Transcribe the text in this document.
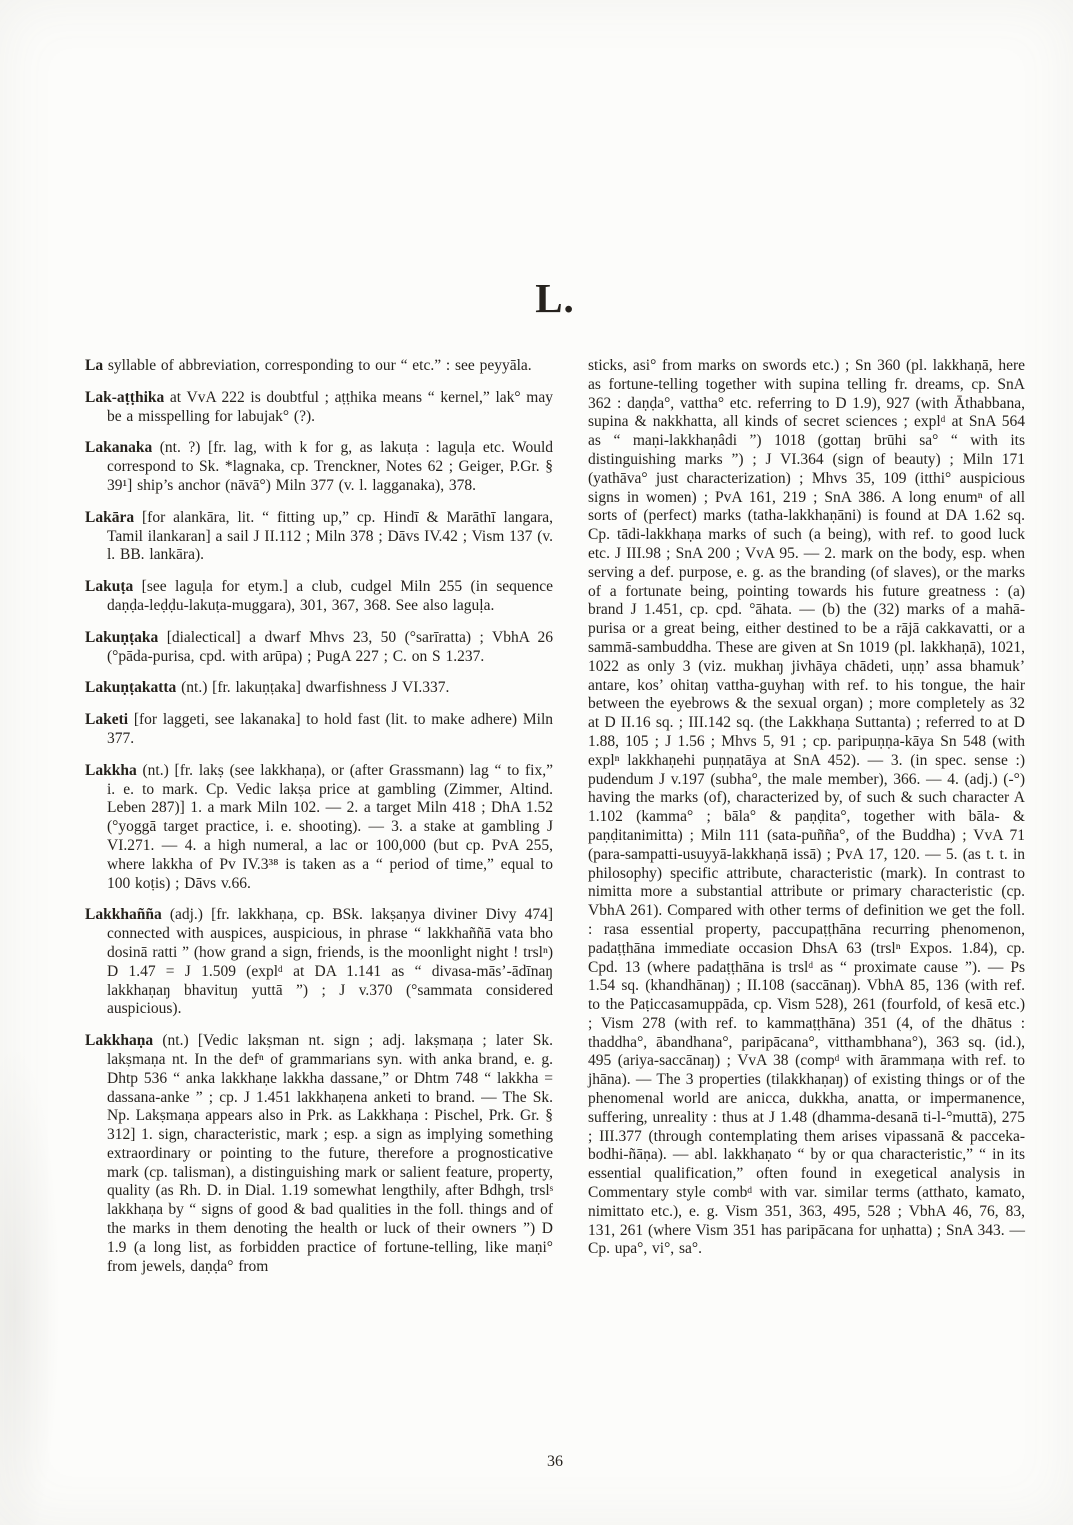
L.

La syllable of abbreviation, corresponding to our “ etc.” : see peyyāla.

Lak-aṭṭhika at VvA 222 is doubtful ; aṭṭhika means “ kernel,” lak° may be a misspelling for labujak° (?).

Lakanaka (nt. ?) [fr. lag, with k for g, as lakuṭa : laguḷa etc. Would correspond to Sk. *lagnaka, cp. Trenckner, Notes 62 ; Geiger, P.Gr. § 39¹] ship’s anchor (nāvā°) Miln 377 (v. l. lagganaka), 378.

Lakāra [for alankāra, lit. “ fitting up,” cp. Hindī & Marāthī langara, Tamil ilankaran] a sail J II.112 ; Miln 378 ; Dāvs IV.42 ; Vism 137 (v. l. BB. lankāra).

Lakuṭa [see laguḷa for etym.] a club, cudgel Miln 255 (in sequence daṇḍa-leḍḍu-lakuṭa-muggara), 301, 367, 368. See also laguḷa.

Lakuṇṭaka [dialectical] a dwarf Mhvs 23, 50 (°sarīratta) ; VbhA 26 (°pāda-purisa, cpd. with arūpa) ; PugA 227 ; C. on S 1.237.

Lakuṇṭakatta (nt.) [fr. lakuṇṭaka] dwarfishness J VI.337.

Laketi [for laggeti, see lakanaka] to hold fast (lit. to make adhere) Miln 377.

Lakkha (nt.) [fr. lakṣ (see lakkhaṇa), or (after Grassmann) lag “ to fix,” i. e. to mark. Cp. Vedic lakṣa price at gambling (Zimmer, Altind. Leben 287)] 1. a mark Miln 102. — 2. a target Miln 418 ; DhA 1.52 (°yoggā target practice, i. e. shooting). — 3. a stake at gambling J VI.271. — 4. a high numeral, a lac or 100,000 (but cp. PvA 255, where lakkha of Pv IV.3³⁸ is taken as a “ period of time,” equal to 100 koṭis) ; Dāvs v.66.

Lakkhañña (adj.) [fr. lakkhaṇa, cp. BSk. lakṣaṇya diviner Divy 474] connected with auspices, auspicious, in phrase “ lakkhaññā vata bho dosinā ratti ” (how grand a sign, friends, is the moonlight night ! trslⁿ) D 1.47 = J 1.509 (explᵈ at DA 1.141 as “ divasa-mās’-ādīnaŋ lakkhaṇaŋ bhavituŋ yuttā ”) ; J v.370 (°sammata considered auspicious).

Lakkhaṇa (nt.) [Vedic lakṣman nt. sign ; adj. lakṣmaṇa ; later Sk. lakṣmaṇa nt. In the defⁿ of grammarians syn. with anka brand, e. g. Dhtp 536 “ anka lakkhaṇe lakkha dassane,” or Dhtm 748 “ lakkha = dassana-anke ” ; cp. J 1.451 lakkhaṇena anketi to brand. — The Sk. Np. Lakṣmaṇa appears also in Prk. as Lakkhaṇa : Pischel, Prk. Gr. § 312] 1. sign, characteristic, mark ; esp. a sign as implying something extraordinary or pointing to the future, therefore a prognosticative mark (cp. talisman), a distinguishing mark or salient feature, property, quality (as Rh. D. in Dial. 1.19 somewhat lengthily, after Bdhgh, trslˢ lakkhaṇa by “ signs of good & bad qualities in the foll. things and of the marks in them denoting the health or luck of their owners ”) D 1.9 (a long list, as forbidden practice of fortune-telling, like maṇi° from jewels, daṇḍa° from

sticks, asi° from marks on swords etc.) ; Sn 360 (pl. lakkhaṇā, here as fortune-telling together with supina telling fr. dreams, cp. SnA 362 : daṇḍa°, vattha° etc. referring to D 1.9), 927 (with Āthabbana, supina & nakkhatta, all kinds of secret sciences ; explᵈ at SnA 564 as “ maṇi-lakkhaṇâdi ”) 1018 (gottaŋ brūhi sa° “ with its distinguishing marks ”) ; J VI.364 (sign of beauty) ; Miln 171 (yathāva° just characterization) ; Mhvs 35, 109 (itthi° auspicious signs in women) ; PvA 161, 219 ; SnA 386. A long enumⁿ of all sorts of (perfect) marks (tatha-lakkhaṇāni) is found at DA 1.62 sq. Cp. tādi-lakkhaṇa marks of such (a being), with ref. to good luck etc. J III.98 ; SnA 200 ; VvA 95. — 2. mark on the body, esp. when serving a def. purpose, e. g. as the branding (of slaves), or the marks of a fortunate being, pointing towards his future greatness : (a) brand J 1.451, cp. cpd. °āhata. — (b) the (32) marks of a mahā-purisa or a great being, either destined to be a rājā cakkavatti, or a sammā-sambuddha. These are given at Sn 1019 (pl. lakkhaṇā), 1021, 1022 as only 3 (viz. mukhaŋ jivhāya chādeti, uṇṇ’ assa bhamuk’ antare, kos’ ohitaŋ vattha-guyhaŋ with ref. to his tongue, the hair between the eyebrows & the sexual organ) ; more completely as 32 at D II.16 sq. ; III.142 sq. (the Lakkhaṇa Suttanta) ; referred to at D 1.88, 105 ; J 1.56 ; Mhvs 5, 91 ; cp. paripuṇṇa-kāya Sn 548 (with explⁿ lakkhaṇehi puṇṇatāya at SnA 452). — 3. (in spec. sense :) pudendum J v.197 (subha°, the male member), 366. — 4. (adj.) (-°) having the marks (of), characterized by, of such & such character A 1.102 (kamma° ; bāla° & paṇḍita°, together with bāla- & paṇḍitanimitta) ; Miln 111 (sata-puñña°, of the Buddha) ; VvA 71 (para-sampatti-usuyyā-lakkhaṇā issā) ; PvA 17, 120. — 5. (as t. t. in philosophy) specific attribute, characteristic (mark). In contrast to nimitta more a substantial attribute or primary characteristic (cp. VbhA 261). Compared with other terms of definition we get the foll. : rasa essential property, paccupaṭṭhāna recurring phenomenon, padaṭṭhāna immediate occasion DhsA 63 (trslⁿ Expos. 1.84), cp. Cpd. 13 (where padaṭṭhāna is trslᵈ as “ proximate cause ”). — Ps 1.54 sq. (khandhānaŋ) ; II.108 (saccānaŋ). VbhA 85, 136 (with ref. to the Paṭiccasamuppāda, cp. Vism 528), 261 (fourfold, of kesā etc.) ; Vism 278 (with ref. to kammaṭṭhāna) 351 (4, of the dhātus : thaddha°, ābandhana°, paripācana°, vitthambhana°), 363 sq. (id.), 495 (ariya-saccānaŋ) ; VvA 38 (compᵈ with ārammaṇa with ref. to jhāna). — The 3 properties (tilakkhaṇaŋ) of existing things or of the phenomenal world are anicca, dukkha, anatta, or impermanence, suffering, unreality : thus at J 1.48 (dhamma-desanā ti-l-°muttā), 275 ; III.377 (through contemplating them arises vipassanā & pacceka-bodhi-ñāṇa). — abl. lakkhaṇato “ by or qua characteristic,” “ in its essential qualification,” often found in exegetical analysis in Commentary style combᵈ with var. similar terms (atthato, kamato, nimittato etc.), e. g. Vism 351, 363, 495, 528 ; VbhA 46, 76, 83, 131, 261 (where Vism 351 has paripācana for uṇhatta) ; SnA 343. — Cp. upa°, vi°, sa°.

36
